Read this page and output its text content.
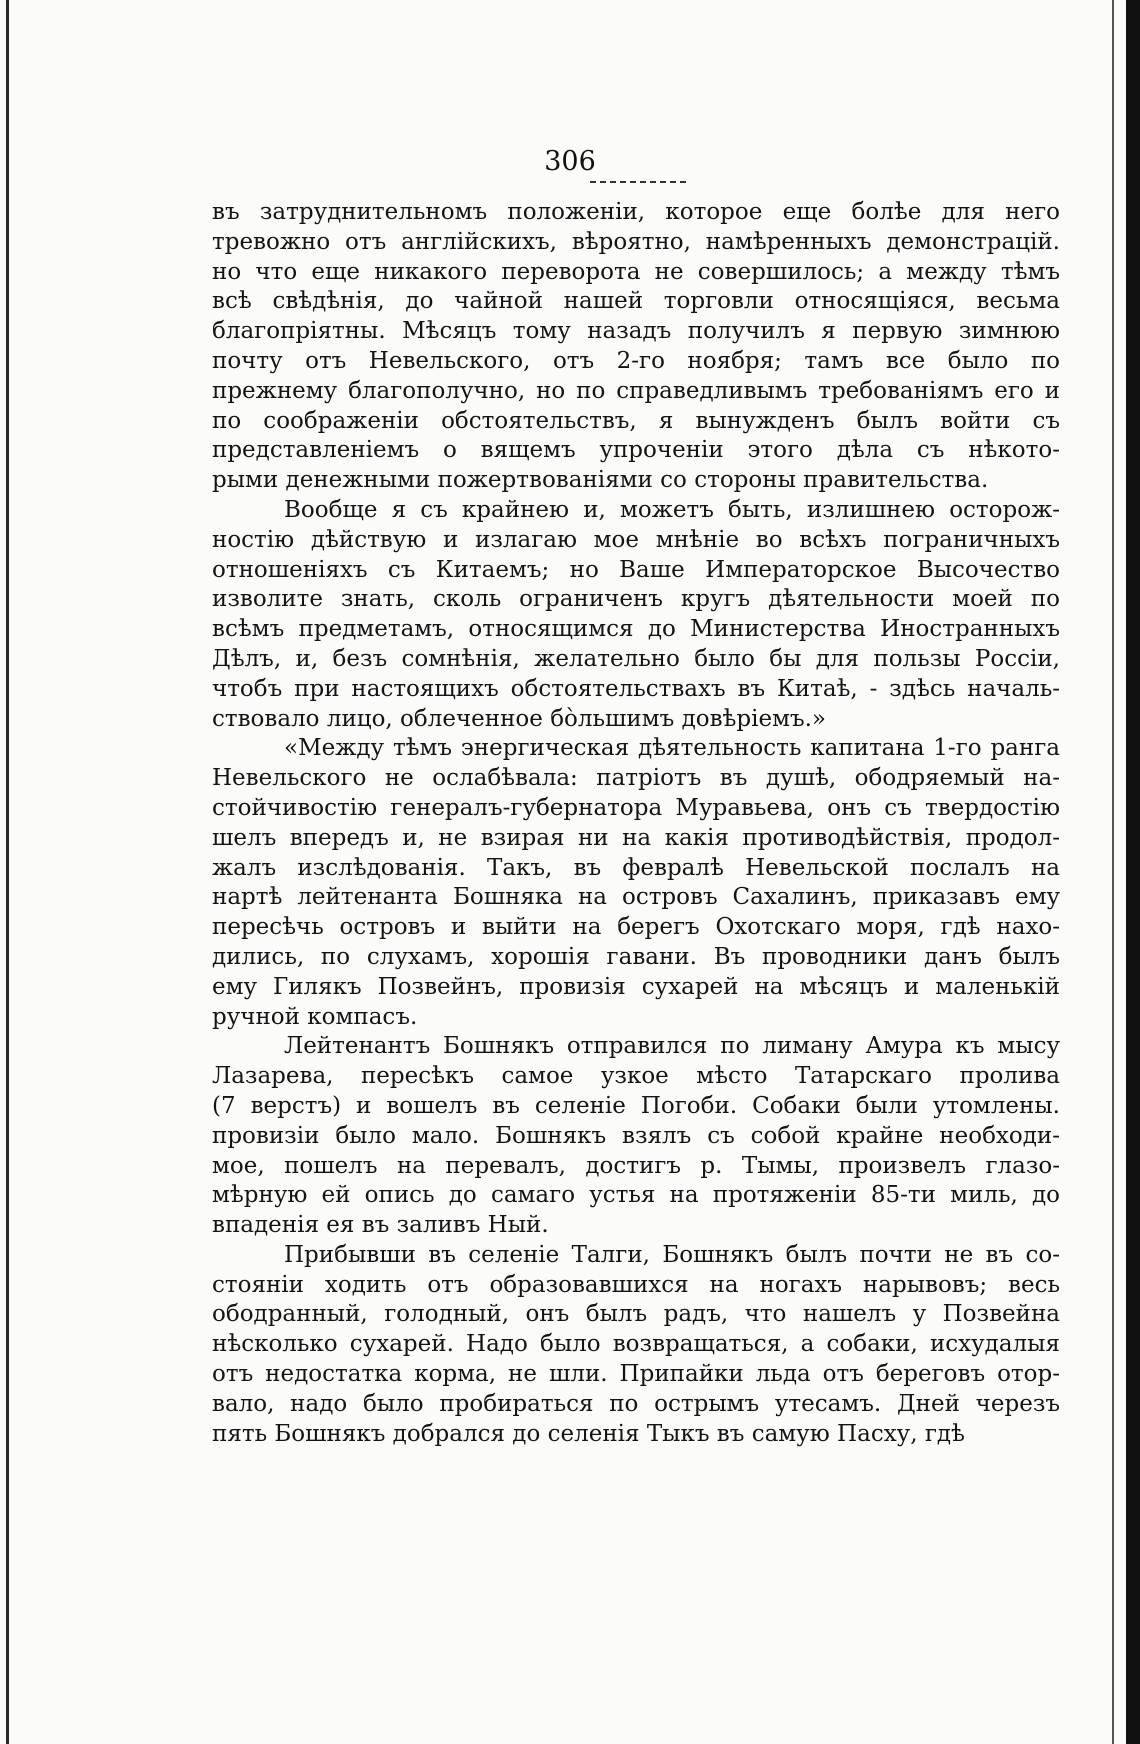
306
въ затруднительномъ положеніи, которое еще болѣе для него
тревожно отъ англійскихъ, вѣроятно, намѣренныхъ демонстрацій.
но что еще никакого переворота не совершилось; а между тѣмъ
всѣ свѣдѣнія, до чайной нашей торговли относящіяся, весьма
благопріятны. Мѣсяцъ тому назадъ получилъ я первую зимнюю
почту отъ Невельского, отъ 2-го ноября; тамъ все было по
прежнему благополучно, но по справедливымъ требованіямъ его и
по соображеніи обстоятельствъ, я вынужденъ былъ войти съ
представленіемъ о вящемъ упроченіи этого дѣла съ нѣкото-
рыми денежными пожертвованіями со стороны правительства.
Вообще я съ крайнею и, можетъ быть, излишнею осторож-
ностію дѣйствую и излагаю мое мнѣніе во всѣхъ пограничныхъ
отношеніяхъ съ Китаемъ; но Ваше Императорское Высочество
изволите знать, сколь ограниченъ кругъ дѣятельности моей по
всѣмъ предметамъ, относящимся до Министерства Иностранныхъ
Дѣлъ, и, безъ сомнѣнія, желательно было бы для пользы Россіи,
чтобъ при настоящихъ обстоятельствахъ въ Китаѣ, - здѣсь началь-
ствовало лицо, облеченное бо̀льшимъ довѣріемъ.»
«Между тѣмъ энергическая дѣятельность капитана 1-го ранга
Невельского не ослабѣвала: патріотъ въ душѣ, ободряемый на-
стойчивостію генералъ-губернатора Муравьева, онъ съ твердостію
шелъ впередъ и, не взирая ни на какія противодѣйствія, продол-
жалъ изслѣдованія. Такъ, въ февралѣ Невельской послалъ на
нартѣ лейтенанта Бошняка на островъ Сахалинъ, приказавъ ему
пересѣчь островъ и выйти на берегъ Охотскаго моря, гдѣ нахо-
дились, по слухамъ, хорошія гавани. Въ проводники данъ былъ
ему Гилякъ Позвейнъ, провизія сухарей на мѣсяцъ и маленькій
ручной компасъ.
Лейтенантъ Бошнякъ отправился по лиману Амура къ мысу
Лазарева, пересѣкъ самое узкое мѣсто Татарскаго пролива
(7 верстъ) и вошелъ въ селеніе Погоби. Собаки были утомлены.
провизіи было мало. Бошнякъ взялъ съ собой крайне необходи-
мое, пошелъ на перевалъ, достигъ р. Тымы, произвелъ глазо-
мѣрную ей опись до самаго устья на протяженіи 85-ти миль, до
впаденія ея въ заливъ Ный.
Прибывши въ селеніе Талги, Бошнякъ былъ почти не въ со-
стояніи ходить отъ образовавшихся на ногахъ нарывовъ; весь
ободранный, голодный, онъ былъ радъ, что нашелъ у Позвейна
нѣсколько сухарей. Надо было возвращаться, а собаки, исхудалыя
отъ недостатка корма, не шли. Припайки льда отъ береговъ отор-
вало, надо было пробираться по острымъ утесамъ. Дней черезъ
пять Бошнякъ добрался до селенія Тыкъ въ самую Пасху, гдѣ
